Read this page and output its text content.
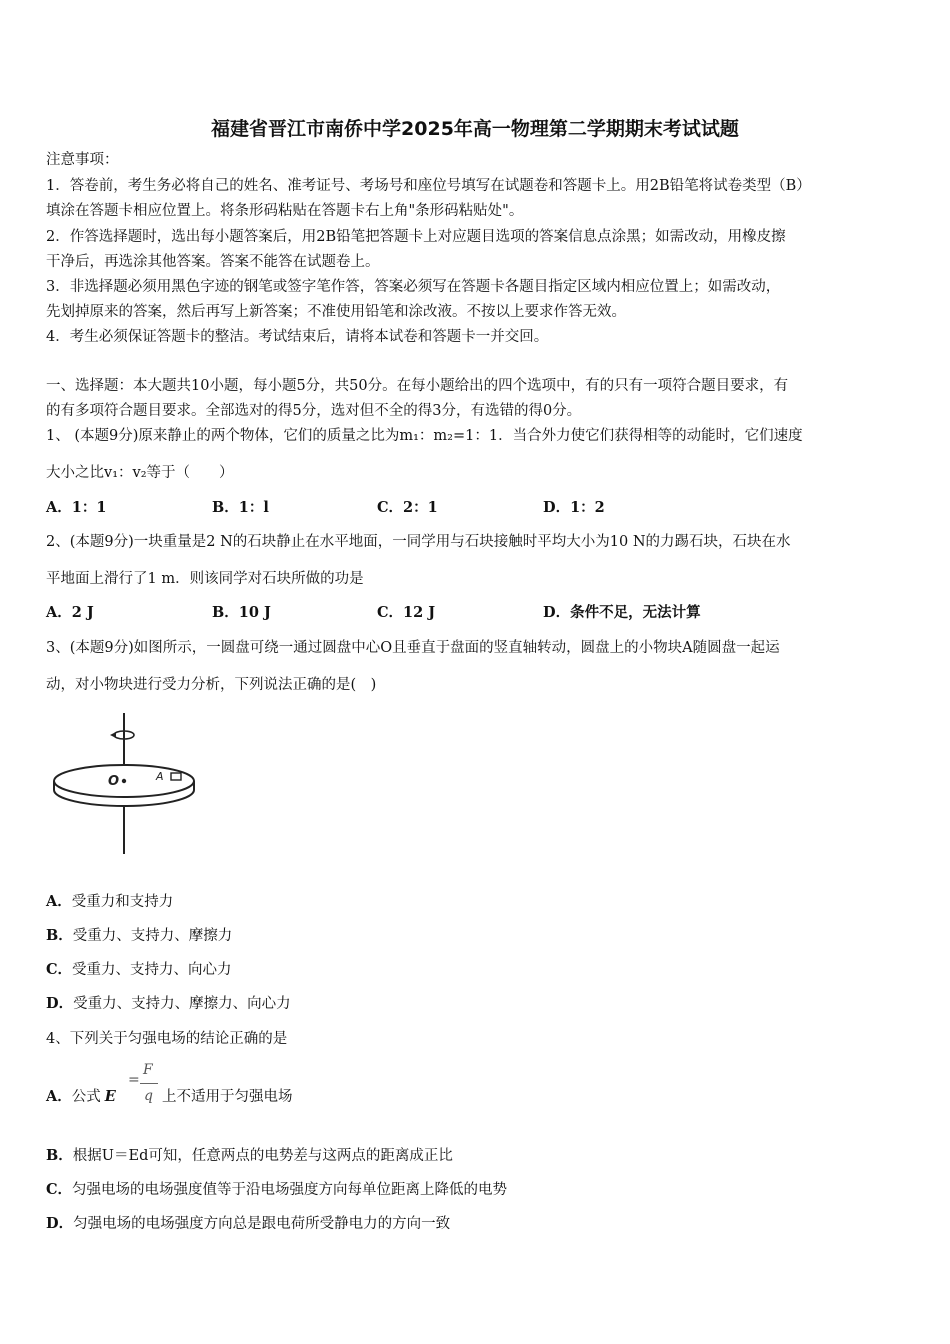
福建省晋江市南侨中学2025年高一物理第二学期期末考试试题
注意事项：
1．答卷前，考生务必将自己的姓名、准考证号、考场号和座位号填写在试题卷和答题卡上。用2B铅笔将试卷类型（B）
填涂在答题卡相应位置上。将条形码粘贴在答题卡右上角"条形码粘贴处"。
2．作答选择题时，选出每小题答案后，用2B铅笔把答题卡上对应题目选项的答案信息点涂黑；如需改动，用橡皮擦
干净后，再选涂其他答案。答案不能答在试题卷上。
3．非选择题必须用黑色字迹的钢笔或签字笔作答，答案必须写在答题卡各题目指定区域内相应位置上；如需改动，
先划掉原来的答案，然后再写上新答案；不准使用铅笔和涂改液。不按以上要求作答无效。
4．考生必须保证答题卡的整洁。考试结束后，请将本试卷和答题卡一并交回。
一、选择题：本大题共10小题，每小题5分，共50分。在每小题给出的四个选项中，有的只有一项符合题目要求，有
的有多项符合题目要求。全部选对的得5分，选对但不全的得3分，有选错的得0分。
1、 (本题9分)原来静止的两个物体，它们的质量之比为m₁：m₂=1：1．当合外力使它们获得相等的动能时，它们速度
大小之比v₁：v₂等于（　　）
A．1：1	B．1：l	C．2：1	D．1：2
2、(本题9分)一块重量是2 N的石块静止在水平地面，一同学用与石块接触时平均大小为10 N的力踢石块，石块在水
平地面上滑行了1 m．则该同学对石块所做的功是
A．2 J	B．10 J	C．12 J	D．条件不足，无法计算
3、(本题9分)如图所示，一圆盘可绕一通过圆盘中心O且垂直于盘面的竖直轴转动，圆盘上的小物块A随圆盘一起运
动，对小物块进行受力分析，下列说法正确的是(　)
O	A
A．受重力和支持力
B．受重力、支持力、摩擦力
C．受重力、支持力、向心力
D．受重力、支持力、摩擦力、向心力
4、下列关于匀强电场的结论正确的是
A．公式 E
=
F
q 上不适用于匀强电场
B．根据U＝Ed可知，任意两点的电势差与这两点的距离成正比
C．匀强电场的电场强度值等于沿电场强度方向每单位距离上降低的电势
D．匀强电场的电场强度方向总是跟电荷所受静电力的方向一致
